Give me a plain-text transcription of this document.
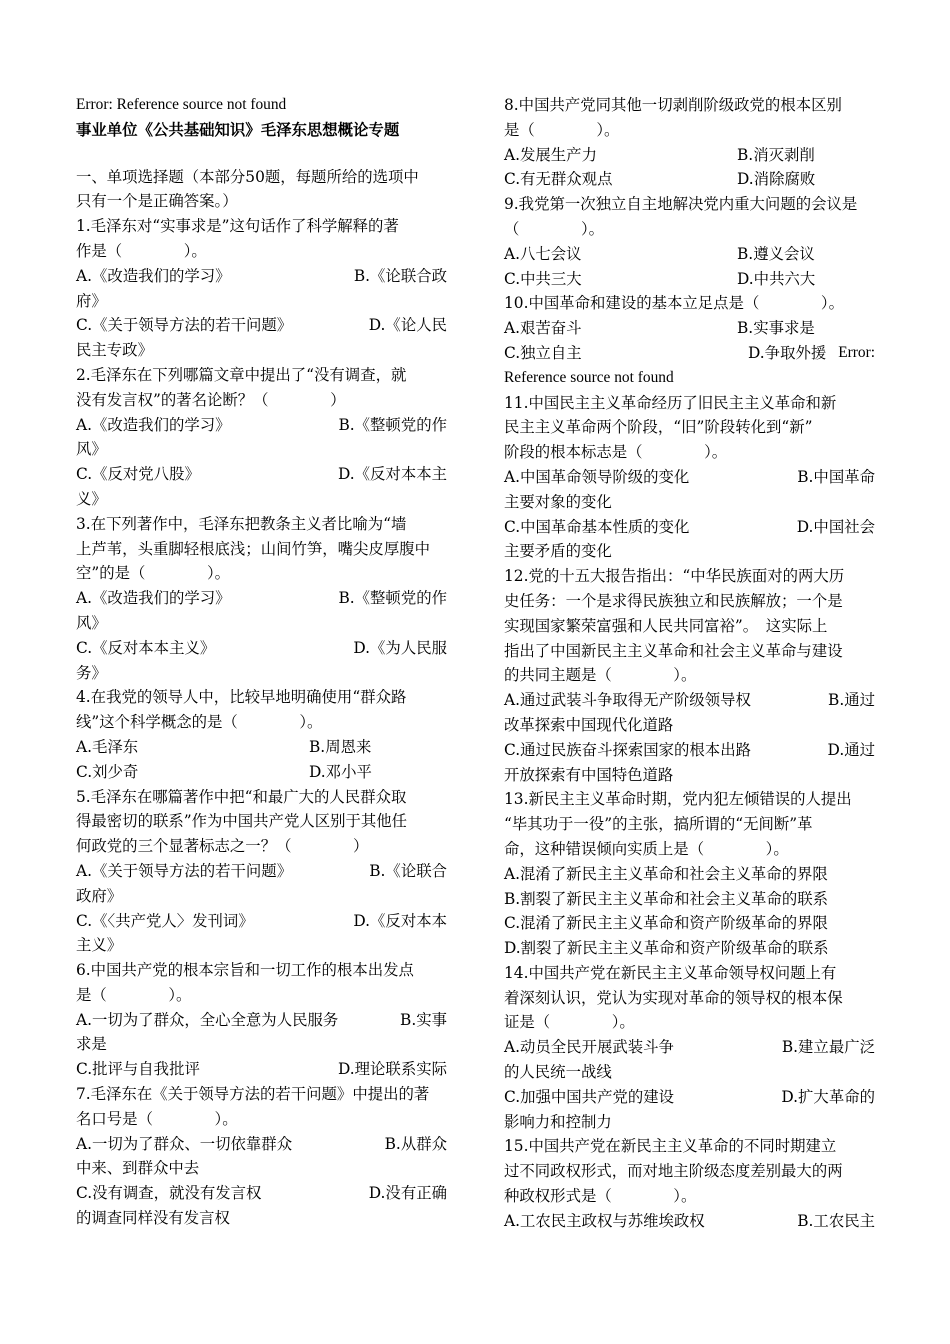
Error: Reference source not found
事业单位《公共基础知识》毛泽东思想概论专题
一、单项选择题（本部分50题，每题所给的选项中
只有一个是正确答案。）
1.毛泽东对“实事求是”这句话作了科学解释的著
作是（　　　　）。
A.《改造我们的学习》	B.《论联合政
府》
C.《关于领导方法的若干问题》	D.《论人民
民主专政》
2.毛泽东在下列哪篇文章中提出了“没有调查，就
没有发言权”的著名论断？（　　　　）
A.《改造我们的学习》	B.《整顿党的作
风》
C.《反对党八股》	D.《反对本本主
义》
3.在下列著作中，毛泽东把教条主义者比喻为“墙
上芦苇，头重脚轻根底浅；山间竹笋，嘴尖皮厚腹中
空”的是（　　　　）。
A.《改造我们的学习》	B.《整顿党的作
风》
C.《反对本本主义》	D.《为人民服
务》
4.在我党的领导人中，比较早地明确使用“群众路
线”这个科学概念的是（　　　　）。
A.毛泽东	B.周恩来
C.刘少奇	D.邓小平
5.毛泽东在哪篇著作中把“和最广大的人民群众取
得最密切的联系”作为中国共产党人区别于其他任
何政党的三个显著标志之一？（　　　　）
A.《关于领导方法的若干问题》	B.《论联合
政府》
C.《〈共产党人〉发刊词》	D.《反对本本
主义》
6.中国共产党的根本宗旨和一切工作的根本出发点
是（　　　　）。
A.一切为了群众，全心全意为人民服务	B.实事
求是
C.批评与自我批评	D.理论联系实际
7.毛泽东在《关于领导方法的若干问题》中提出的著
名口号是（　　　　）。
A.一切为了群众、一切依靠群众	B.从群众
中来、到群众中去
C.没有调查，就没有发言权	D.没有正确
的调查同样没有发言权
8.中国共产党同其他一切剥削阶级政党的根本区别
是（　　　　）。
A.发展生产力	B.消灭剥削
C.有无群众观点	D.消除腐败
9.我党第一次独立自主地解决党内重大问题的会议是
（　　　　）。
A.八七会议	B.遵义会议
C.中共三大	D.中共六大
10.中国革命和建设的基本立足点是（　　　　）。
A.艰苦奋斗	B.实事求是
C.独立自主	D.争取外援 Error:
Reference source not found
11.中国民主主义革命经历了旧民主主义革命和新
民主主义革命两个阶段，“旧”阶段转化到“新”
阶段的根本标志是（　　　　）。
A.中国革命领导阶级的变化	B.中国革命
主要对象的变化
C.中国革命基本性质的变化	D.中国社会
主要矛盾的变化
12.党的十五大报告指出：“中华民族面对的两大历
史任务：一个是求得民族独立和民族解放；一个是
实现国家繁荣富强和人民共同富裕”。　这实际上
指出了中国新民主主义革命和社会主义革命与建设
的共同主题是（　　　　）。
A.通过武装斗争取得无产阶级领导权	B.通过
改革探索中国现代化道路
C.通过民族奋斗探索国家的根本出路	D.通过
开放探索有中国特色道路
13.新民主主义革命时期，党内犯左倾错误的人提出
“毕其功于一役”的主张，搞所谓的“无间断”革
命，这种错误倾向实质上是（　　　　）。
A.混淆了新民主主义革命和社会主义革命的界限
B.割裂了新民主主义革命和社会主义革命的联系
C.混淆了新民主主义革命和资产阶级革命的界限
D.割裂了新民主主义革命和资产阶级革命的联系
14.中国共产党在新民主主义革命领导权问题上有
着深刻认识，党认为实现对革命的领导权的根本保
证是（　　　　）。
A.动员全民开展武装斗争	B.建立最广泛
的人民统一战线
C.加强中国共产党的建设	D.扩大革命的
影响力和控制力
15.中国共产党在新民主主义革命的不同时期建立
过不同政权形式，而对地主阶级态度差别最大的两
种政权形式是（　　　　）。
A.工农民主政权与苏维埃政权	B.工农民主
